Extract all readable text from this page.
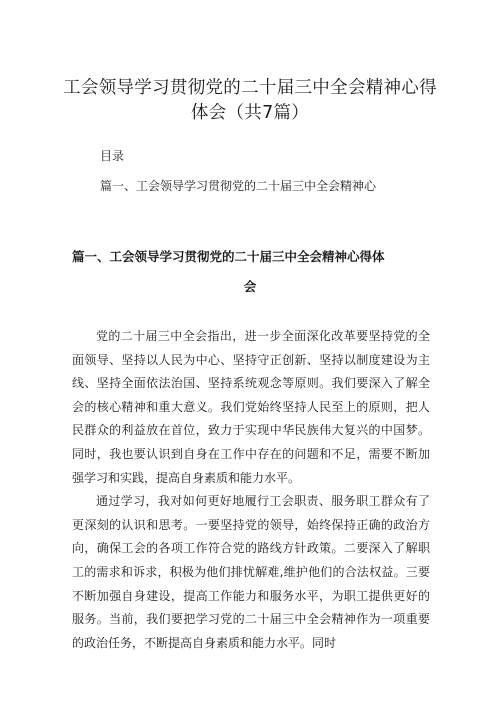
工会领导学习贯彻党的二十届三中全会精神心得体会（共7篇）
目录
篇一、工会领导学习贯彻党的二十届三中全会精神心
篇一、工会领导学习贯彻党的二十届三中全会精神心得体
会

党的二十届三中全会指出，进一步全面深化改革要坚持党的全面领导、坚持以人民为中心、坚持守正创新、坚持以制度建设为主线、坚持全面依法治国、坚持系统观念等原则。我们要深入了解全会的核心精神和重大意义。我们党始终坚持人民至上的原则，把人民群众的利益放在首位，致力于实现中华民族伟大复兴的中国梦。同时，我也要认识到自身在工作中存在的问题和不足，需要不断加强学习和实践，提高自身素质和能力水平。

通过学习，我对如何更好地履行工会职责、服务职工群众有了更深刻的认识和思考。一要坚持党的领导，始终保持正确的政治方向，确保工会的各项工作符合党的路线方针政策。二要深入了解职工的需求和诉求，积极为他们排忧解难,维护他们的合法权益。三要不断加强自身建设，提高工作能力和服务水平，为职工提供更好的服务。当前，我们要把学习党的二十届三中全会精神作为一项重要的政治任务，不断提高自身素质和能力水平。同时
